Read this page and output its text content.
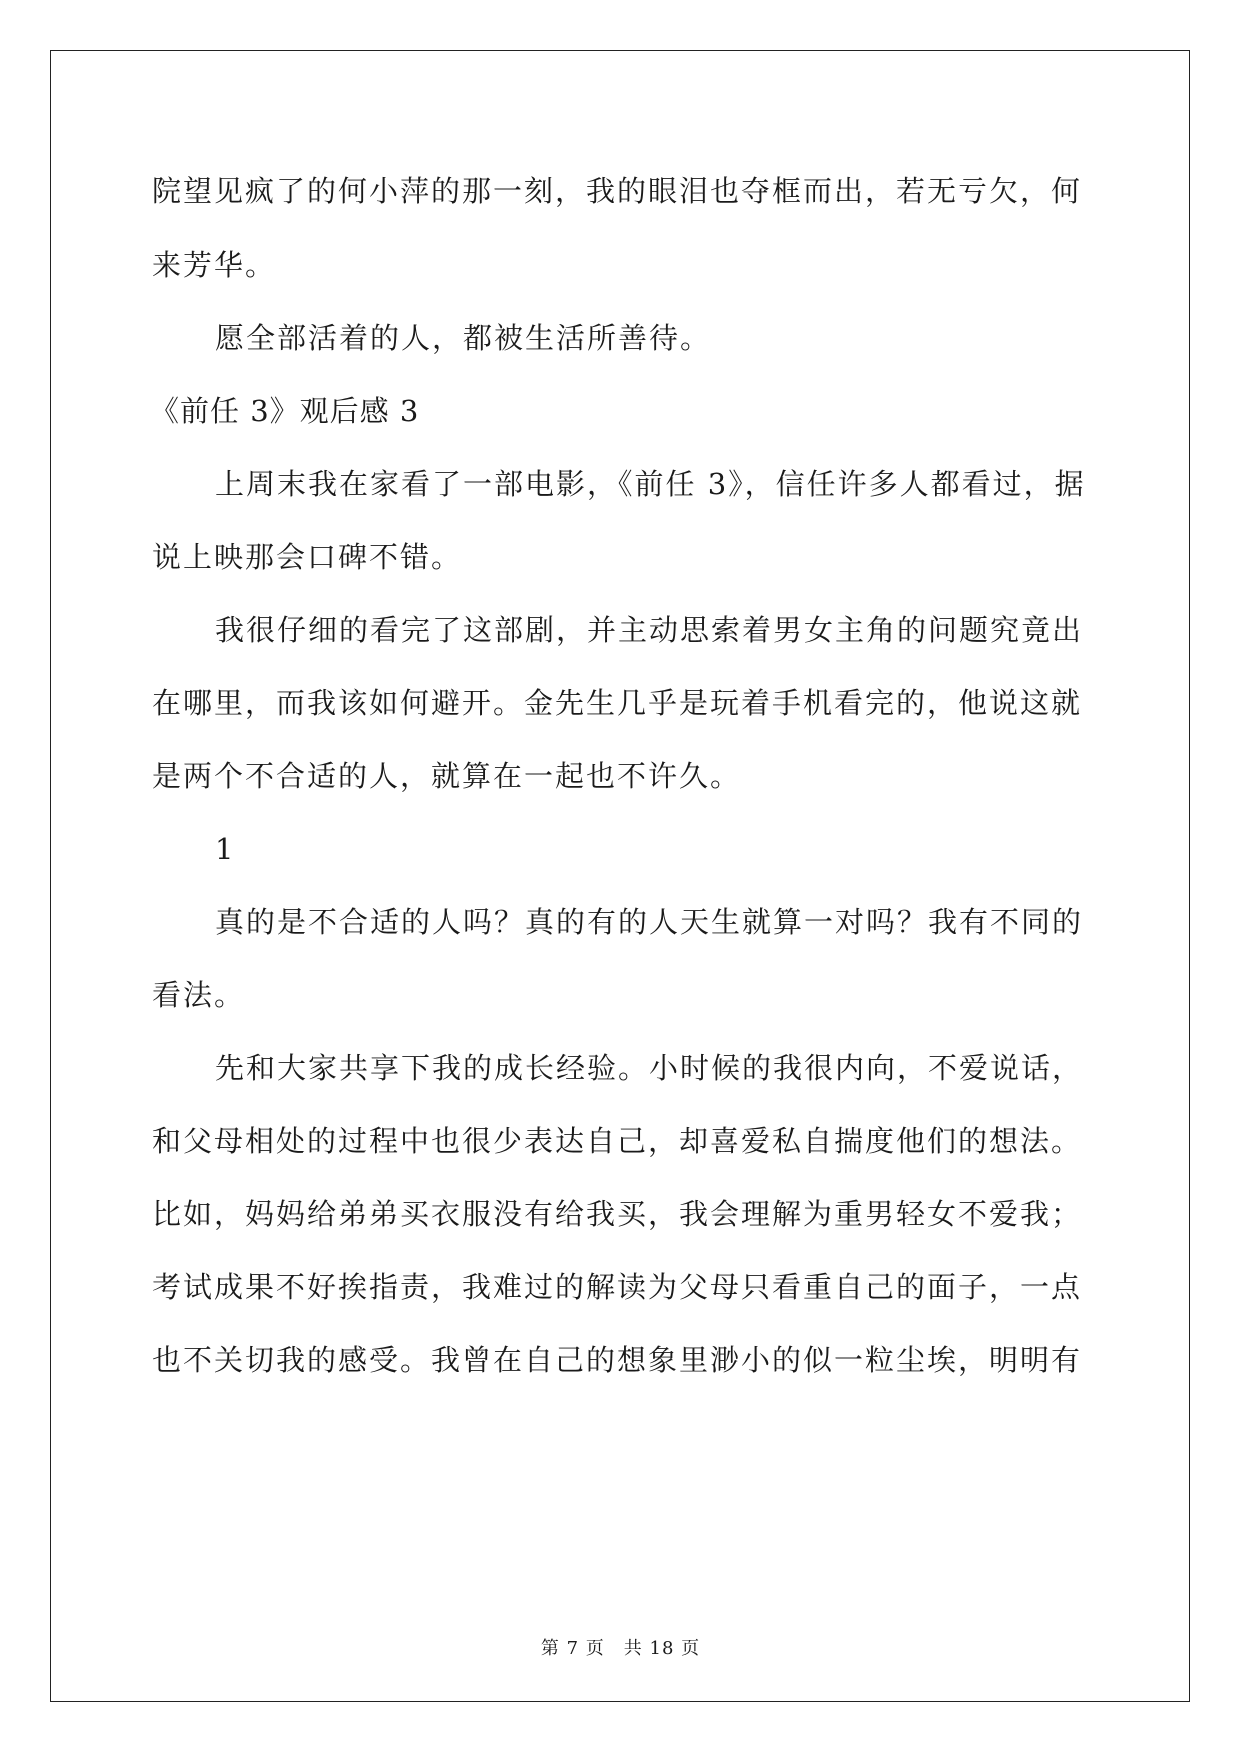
院望见疯了的何小萍的那一刻，我的眼泪也夺框而出，若无亏欠，何
来芳华。
愿全部活着的人，都被生活所善待。
《前任 3》观后感 3
上周末我在家看了一部电影，《前任 3》，信任许多人都看过，据
说上映那会口碑不错。
我很仔细的看完了这部剧，并主动思索着男女主角的问题究竟出
在哪里，而我该如何避开。金先生几乎是玩着手机看完的，他说这就
是两个不合适的人，就算在一起也不许久。
1
真的是不合适的人吗？真的有的人天生就算一对吗？我有不同的
看法。
先和大家共享下我的成长经验。小时候的我很内向，不爱说话，
和父母相处的过程中也很少表达自己，却喜爱私自揣度他们的想法。
比如，妈妈给弟弟买衣服没有给我买，我会理解为重男轻女不爱我；
考试成果不好挨指责，我难过的解读为父母只看重自己的面子，一点
也不关切我的感受。我曾在自己的想象里渺小的似一粒尘埃，明明有
第 7 页　共 18 页
